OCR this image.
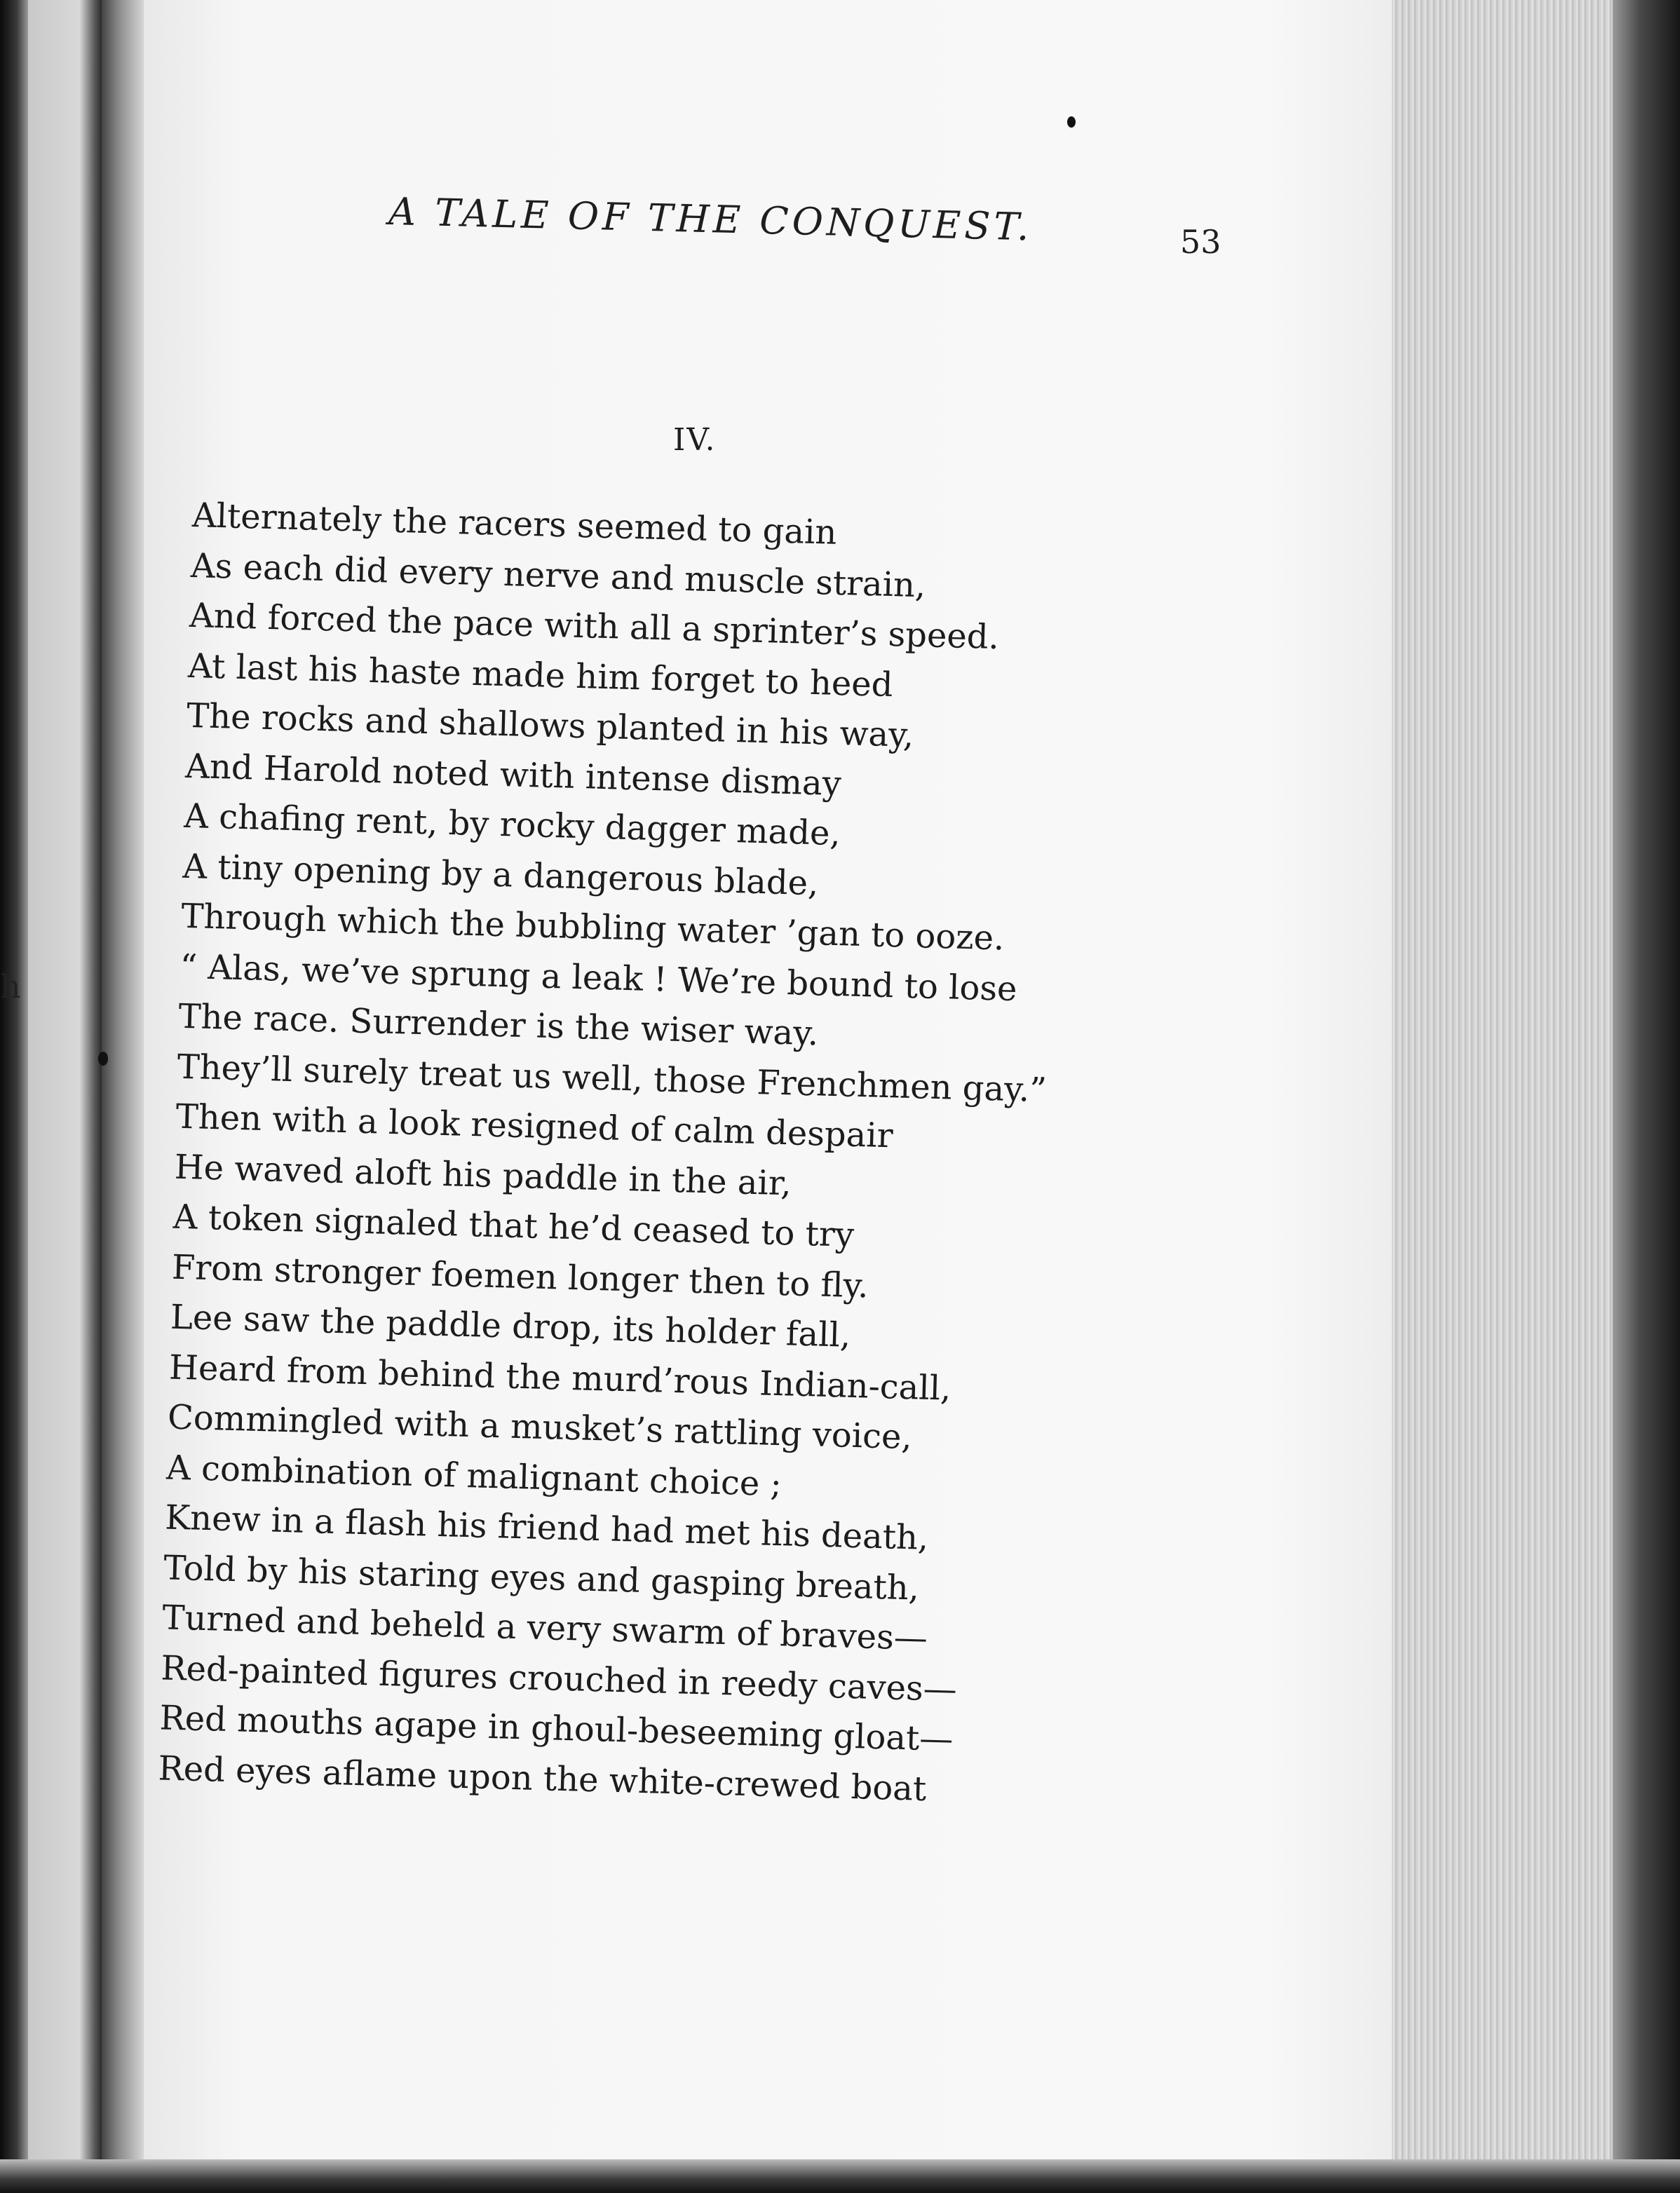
h
A TALE OF THE CONQUEST.	53
IV.
Alternately the racers seemed to gain
As each did every nerve and muscle strain,
And forced the pace with all a sprinter’s speed.
At last his haste made him forget to heed
The rocks and shallows planted in his way,
And Harold noted with intense dismay
A chafing rent, by rocky dagger made,
A tiny opening by a dangerous blade,
Through which the bubbling water ’gan to ooze.
“ Alas, we’ve sprung a leak ! We’re bound to lose
The race. Surrender is the wiser way.
They’ll surely treat us well, those Frenchmen gay.”
Then with a look resigned of calm despair
He waved aloft his paddle in the air,
A token signaled that he’d ceased to try
From stronger foemen longer then to fly.
Lee saw the paddle drop, its holder fall,
Heard from behind the murd’rous Indian-call,
Commingled with a musket’s rattling voice,
A combination of malignant choice ;
Knew in a flash his friend had met his death,
Told by his staring eyes and gasping breath,
Turned and beheld a very swarm of braves—
Red-painted figures crouched in reedy caves—
Red mouths agape in ghoul-beseeming gloat—
Red eyes aflame upon the white-crewed boat
